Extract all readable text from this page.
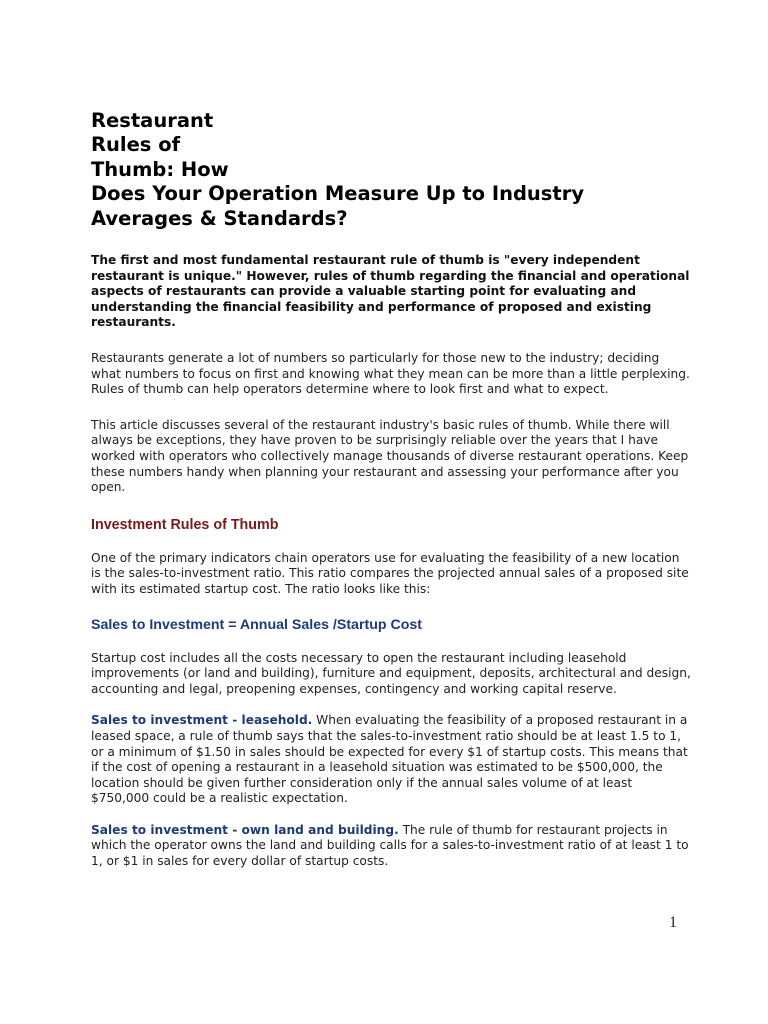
Restaurant
Rules of
Thumb: How
Does Your Operation Measure Up to Industry
Averages & Standards?

The first and most fundamental restaurant rule of thumb is "every independent restaurant is unique." However, rules of thumb regarding the financial and operational aspects of restaurants can provide a valuable starting point for evaluating and understanding the financial feasibility and performance of proposed and existing restaurants.

Restaurants generate a lot of numbers so particularly for those new to the industry; deciding what numbers to focus on first and knowing what they mean can be more than a little perplexing. Rules of thumb can help operators determine where to look first and what to expect.

This article discusses several of the restaurant industry's basic rules of thumb. While there will always be exceptions, they have proven to be surprisingly reliable over the years that I have worked with operators who collectively manage thousands of diverse restaurant operations. Keep these numbers handy when planning your restaurant and assessing your performance after you open.

Investment Rules of Thumb

One of the primary indicators chain operators use for evaluating the feasibility of a new location is the sales-to-investment ratio. This ratio compares the projected annual sales of a proposed site with its estimated startup cost. The ratio looks like this:

Sales to Investment = Annual Sales /Startup Cost

Startup cost includes all the costs necessary to open the restaurant including leasehold improvements (or land and building), furniture and equipment, deposits, architectural and design, accounting and legal, preopening expenses, contingency and working capital reserve.

Sales to investment - leasehold. When evaluating the feasibility of a proposed restaurant in a leased space, a rule of thumb says that the sales-to-investment ratio should be at least 1.5 to 1, or a minimum of $1.50 in sales should be expected for every $1 of startup costs. This means that if the cost of opening a restaurant in a leasehold situation was estimated to be $500,000, the location should be given further consideration only if the annual sales volume of at least $750,000 could be a realistic expectation.

Sales to investment - own land and building. The rule of thumb for restaurant projects in which the operator owns the land and building calls for a sales-to-investment ratio of at least 1 to 1, or $1 in sales for every dollar of startup costs.

1
